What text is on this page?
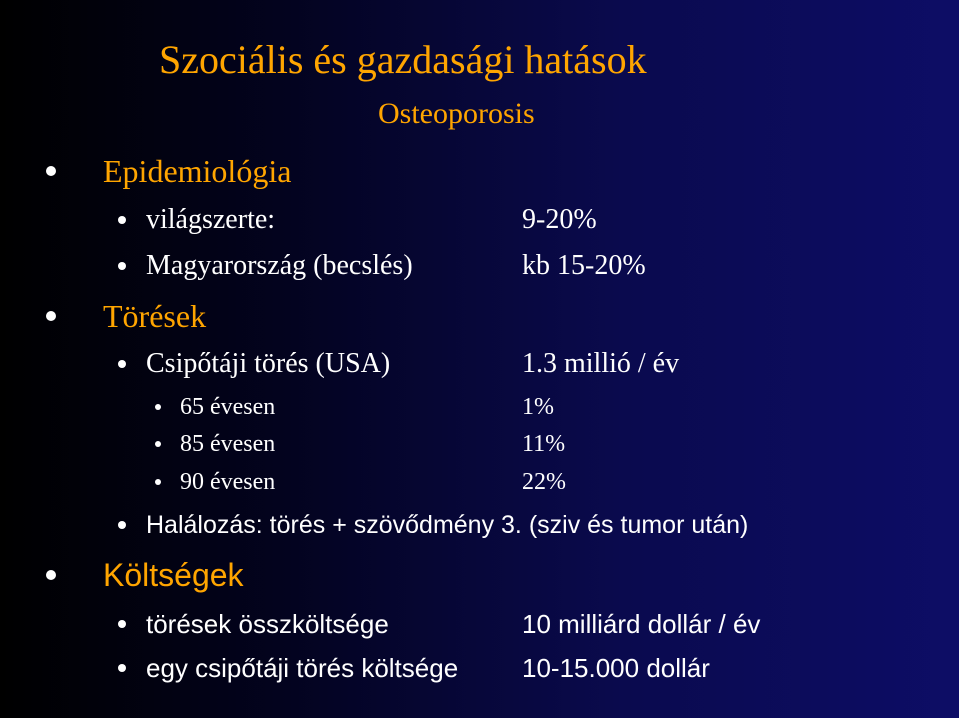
Szociális és gazdasági hatások
Osteoporosis
Epidemiológia
világszerte:	9-20%
Magyarország (becslés)	kb 15-20%
Törések
Csipőtáji törés (USA)	1.3 millió / év
65 évesen	1%
85 évesen	11%
90 évesen	22%
Halálozás: törés + szövődmény 3. (sziv és tumor után)
Költségek
törések összköltsége	10 milliárd dollár / év
egy csipőtáji törés költsége 10-15.000 dollár
